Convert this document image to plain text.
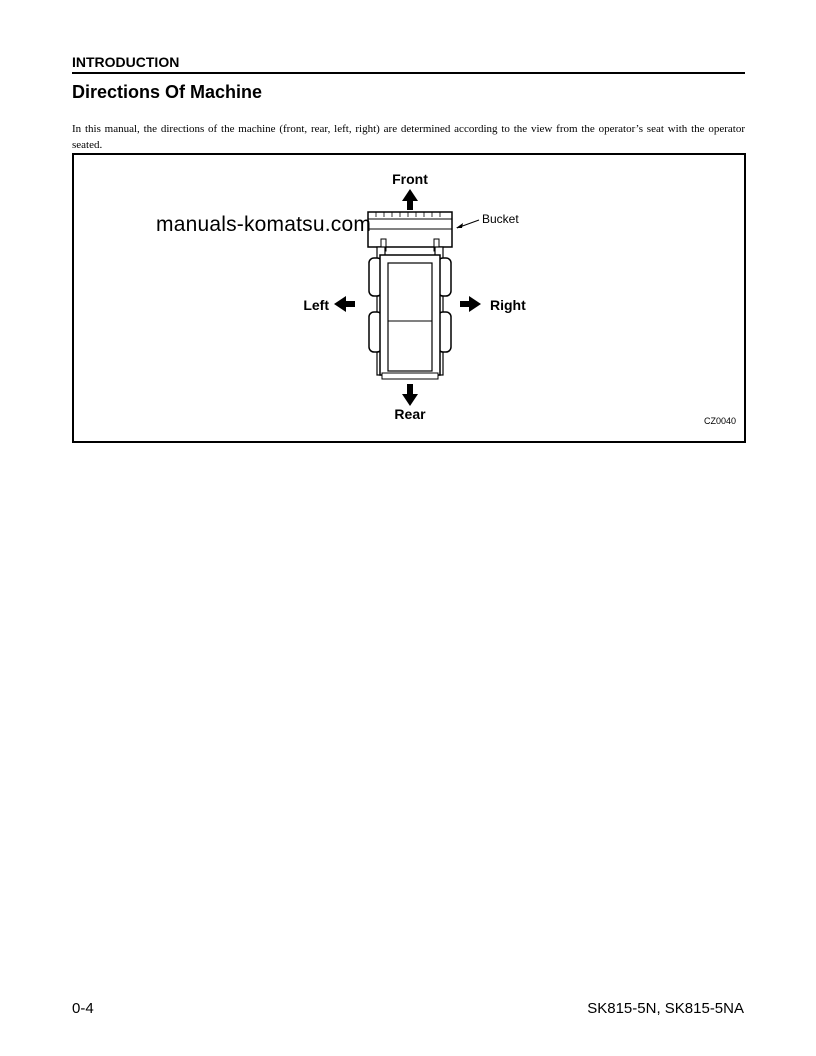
INTRODUCTION
Directions Of Machine
In this manual, the directions of the machine (front, rear, left, right) are determined according to the view from the operator’s seat with the operator seated.
Front
Bucket
Rear
Left	Right
CZ0040
manuals-komatsu.com
0-4	SK815-5N, SK815-5NA
